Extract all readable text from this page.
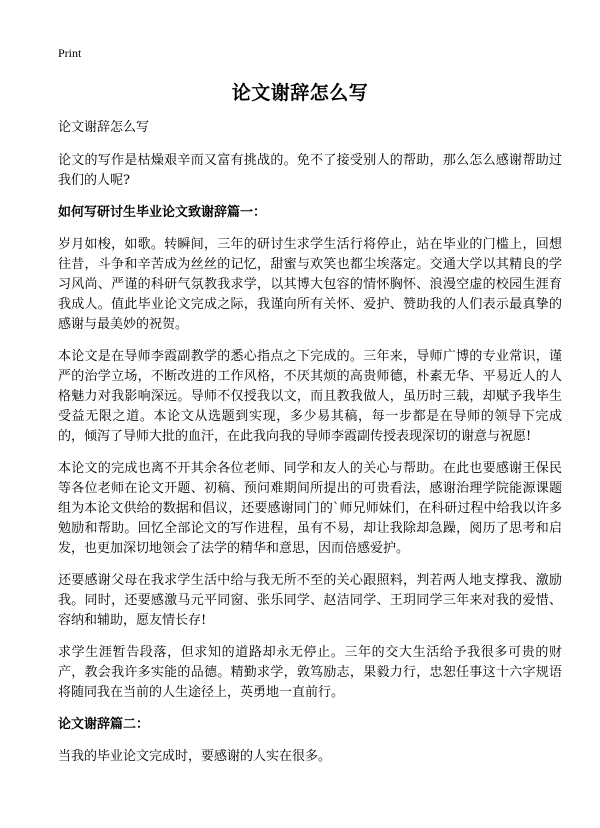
Print
论文谢辞怎么写

论文谢辞怎么写

论文的写作是枯燥艰辛而又富有挑战的。免不了接受别人的帮助，那么怎么感谢帮助过我们的人呢?

如何写研讨生毕业论文致谢辞篇一：

岁月如梭，如歌。转瞬间，三年的研讨生求学生活行将停止，站在毕业的门槛上，回想往昔，斗争和辛苦成为丝丝的记忆，甜蜜与欢笑也都尘埃落定。交通大学以其精良的学习风尚、严谨的科研气氛教我求学，以其博大包容的情怀胸怀、浪漫空虚的校园生涯育我成人。值此毕业论文完成之际，我谨向所有关怀、爱护、赞助我的人们表示最真挚的感谢与最美妙的祝贺。

本论文是在导师李霞副教学的悉心指点之下完成的。三年来，导师广博的专业常识，谨严的治学立场，不断改进的工作风格，不厌其烦的高贵师德，朴素无华、平易近人的人格魅力对我影响深远。导师不仅授我以文，而且教我做人，虽历时三载，却赋予我毕生受益无限之道。本论文从选题到实现，多少易其稿，每一步都是在导师的领导下完成的，倾泻了导师大批的血汗，在此我向我的导师李霞副传授表现深切的谢意与祝愿!

本论文的完成也离不开其余各位老师、同学和友人的关心与帮助。在此也要感谢王保民等各位老师在论文开题、初稿、预问难期间所提出的可贵看法，感谢治理学院能源课题组为本论文供给的数据和倡议，还要感谢同门的`师兄师妹们，在科研过程中给我以许多勉励和帮助。回忆全部论文的写作进程，虽有不易，却让我除却急躁，阅历了思考和启发，也更加深切地领会了法学的精华和意思，因而倍感爱护。

还要感谢父母在我求学生活中给与我无所不至的关心跟照料，判若两人地支撑我、激励我。同时，还要感激马元平同窗、张乐同学、赵洁同学、王玥同学三年来对我的爱惜、容纳和辅助，愿友情长存!

求学生涯暂告段落，但求知的道路却永无停止。三年的交大生活给予我很多可贵的财产，教会我许多实能的品德。精勤求学，敦笃励志，果毅力行，忠恕任事这十六字规语将随同我在当前的人生途径上，英勇地一直前行。

论文谢辞篇二：

当我的毕业论文完成时，要感谢的人实在很多。
